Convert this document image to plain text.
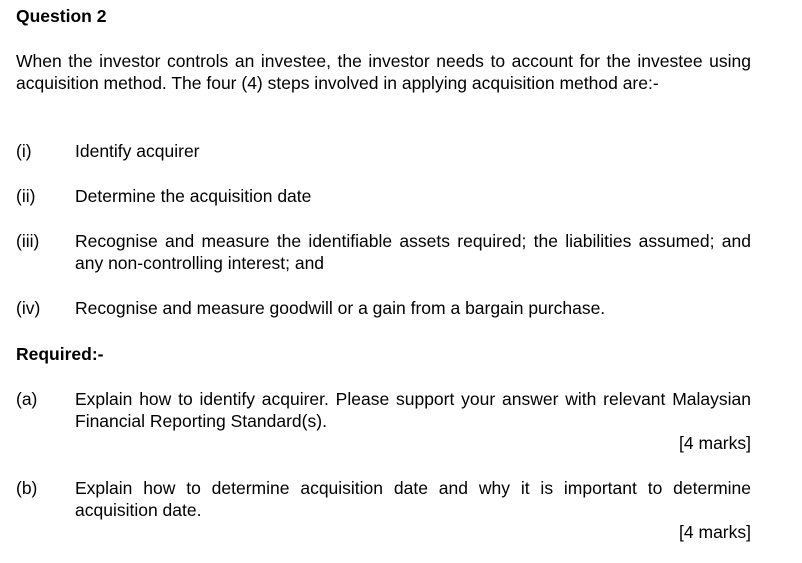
Question 2
When the investor controls an investee, the investor needs to account for the investee using acquisition method. The four (4) steps involved in applying acquisition method are:-
(i) Identify acquirer
(ii) Determine the acquisition date
(iii) Recognise and measure the identifiable assets required; the liabilities assumed; and any non-controlling interest; and
(iv) Recognise and measure goodwill or a gain from a bargain purchase.
Required:-
(a) Explain how to identify acquirer. Please support your answer with relevant Malaysian Financial Reporting Standard(s).
[4 marks]
(b) Explain how to determine acquisition date and why it is important to determine acquisition date.
[4 marks]
